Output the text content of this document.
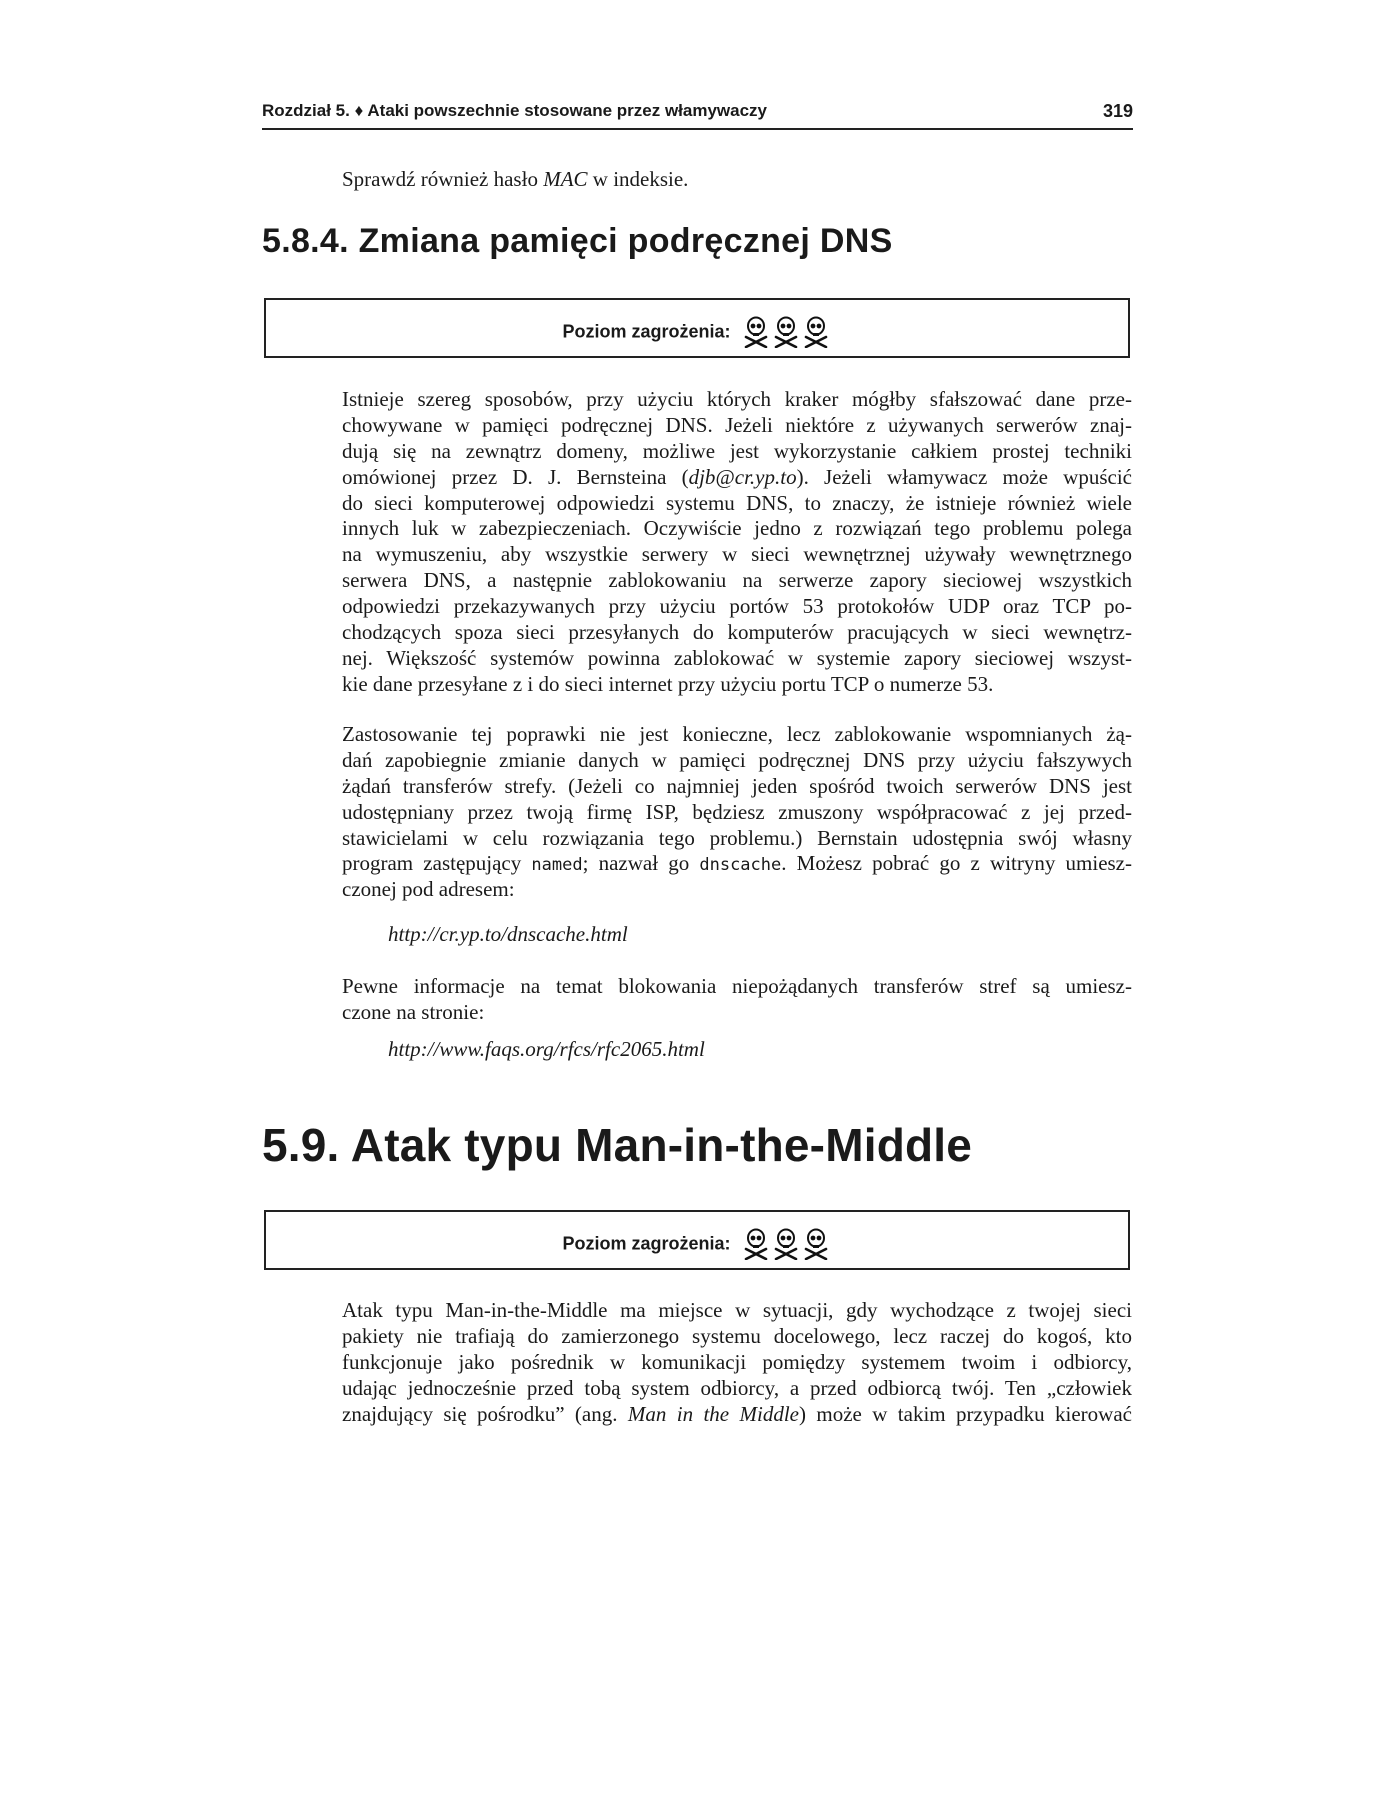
Rozdział 5. ♦ Ataki powszechnie stosowane przez włamywaczy	319
Sprawdź również hasło MAC w indeksie.
5.8.4. Zmiana pamięci podręcznej DNS
Poziom zagrożenia:
Istnieje szereg sposobów, przy użyciu których kraker mógłby sfałszować dane prze-
chowywane w pamięci podręcznej DNS. Jeżeli niektóre z używanych serwerów znaj-
dują się na zewnątrz domeny, możliwe jest wykorzystanie całkiem prostej techniki
omówionej przez D. J. Bernsteina (djb@cr.yp.to). Jeżeli włamywacz może wpuścić
do sieci komputerowej odpowiedzi systemu DNS, to znaczy, że istnieje również wiele
innych luk w zabezpieczeniach. Oczywiście jedno z rozwiązań tego problemu polega
na wymuszeniu, aby wszystkie serwery w sieci wewnętrznej używały wewnętrznego
serwera DNS, a następnie zablokowaniu na serwerze zapory sieciowej wszystkich
odpowiedzi przekazywanych przy użyciu portów 53 protokołów UDP oraz TCP po-
chodzących spoza sieci przesyłanych do komputerów pracujących w sieci wewnętrz-
nej. Większość systemów powinna zablokować w systemie zapory sieciowej wszyst-
kie dane przesyłane z i do sieci internet przy użyciu portu TCP o numerze 53.
Zastosowanie tej poprawki nie jest konieczne, lecz zablokowanie wspomnianych żą-
dań zapobiegnie zmianie danych w pamięci podręcznej DNS przy użyciu fałszywych
żądań transferów strefy. (Jeżeli co najmniej jeden spośród twoich serwerów DNS jest
udostępniany przez twoją firmę ISP, będziesz zmuszony współpracować z jej przed-
stawicielami w celu rozwiązania tego problemu.) Bernstain udostępnia swój własny
program zastępujący named; nazwał go dnscache. Możesz pobrać go z witryny umiesz-
czonej pod adresem:
http://cr.yp.to/dnscache.html
Pewne informacje na temat blokowania niepożądanych transferów stref są umiesz-
czone na stronie:
http://www.faqs.org/rfcs/rfc2065.html
5.9. Atak typu Man-in-the-Middle
Poziom zagrożenia:
Atak typu Man-in-the-Middle ma miejsce w sytuacji, gdy wychodzące z twojej sieci
pakiety nie trafiają do zamierzonego systemu docelowego, lecz raczej do kogoś, kto
funkcjonuje jako pośrednik w komunikacji pomiędzy systemem twoim i odbiorcy,
udając jednocześnie przed tobą system odbiorcy, a przed odbiorcą twój. Ten „człowiek
znajdujący się pośrodku” (ang. Man in the Middle) może w takim przypadku kierować
